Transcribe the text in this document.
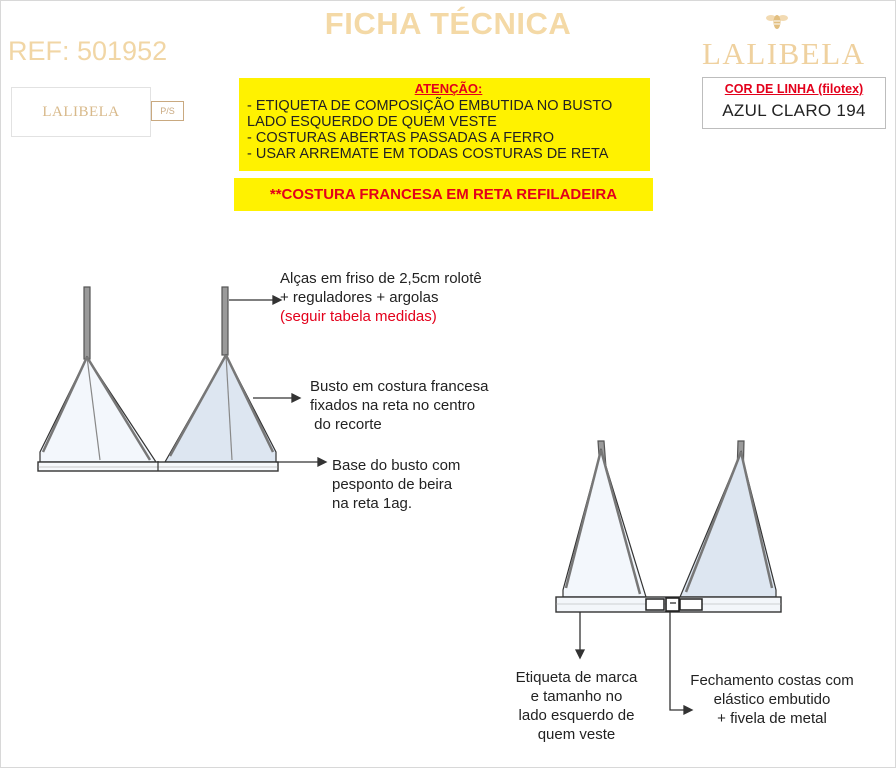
FICHA TÉCNICA
REF: 501952	LALIBELA
LALIBELA	P/S
ATENÇÃO:
- ETIQUETA DE COMPOSIÇÃO EMBUTIDA NO BUSTO
LADO ESQUERDO DE QUEM VESTE
- COSTURAS ABERTAS PASSADAS A FERRO
- USAR ARREMATE EM TODAS COSTURAS DE RETA
**COSTURA FRANCESA EM RETA REFILADEIRA
COR DE LINHA (filotex)
AZUL CLARO 194
Alças em friso de 2,5cm rolotê
+ reguladores + argolas
(seguir tabela medidas)
Busto em costura francesa
fixados na reta no centro
do recorte
Base do busto com
pesponto de beira
na reta 1ag.
Etiqueta de marca
e tamanho no
lado esquerdo de
quem veste
Fechamento costas com
elástico embutido
+ fivela de metal
